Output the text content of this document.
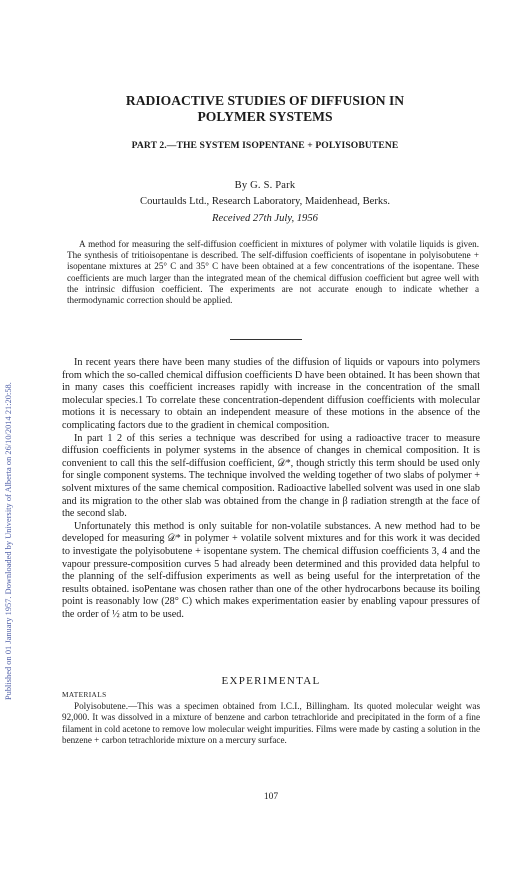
Published on 01 January 1957. Downloaded by University of Alberta on 26/10/2014 21:20:58.
RADIOACTIVE STUDIES OF DIFFUSION IN
POLYMER SYSTEMS
PART 2.—THE SYSTEM ISOPENTANE + POLYISOBUTENE
By G. S. Park
Courtaulds Ltd., Research Laboratory, Maidenhead, Berks.
Received 27th July, 1956

A method for measuring the self-diffusion coefficient in mixtures of polymer with volatile liquids is given. The synthesis of tritioisopentane is described. The self-diffusion coefficients of isopentane in polyisobutene + isopentane mixtures at 25° C and 35° C have been obtained at a few concentrations of the isopentane. These coefficients are much larger than the integrated mean of the chemical diffusion coefficient but agree well with the intrinsic diffusion coefficient. The experiments are not accurate enough to indicate whether a thermodynamic correction should be applied.

In recent years there have been many studies of the diffusion of liquids or vapours into polymers from which the so-called chemical diffusion coefficients D have been obtained. It has been shown that in many cases this coefficient increases rapidly with increase in the concentration of the small molecular species.1 To correlate these concentration-dependent diffusion coefficients with molecular motions it is necessary to obtain an independent measure of these motions in the absence of the complicating factors due to the gradient in chemical composition.

In part 1 2 of this series a technique was described for using a radioactive tracer to measure diffusion coefficients in polymer systems in the absence of changes in chemical composition. It is convenient to call this the self-diffusion coefficient, 𝒟*, though strictly this term should be used only for single component systems. The technique involved the welding together of two slabs of polymer + solvent mixtures of the same chemical composition. Radioactive labelled solvent was used in one slab and its migration to the other slab was obtained from the change in β radiation strength at the face of the second slab.

Unfortunately this method is only suitable for non-volatile substances. A new method had to be developed for measuring 𝒟* in polymer + volatile solvent mixtures and for this work it was decided to investigate the polyisobutene + isopentane system. The chemical diffusion coefficients 3, 4 and the vapour pressure-composition curves 5 had already been determined and this provided data helpful to the planning of the self-diffusion experiments as well as being useful for the interpretation of the results obtained. isoPentane was chosen rather than one of the other hydrocarbons because its boiling point is reasonably low (28° C) which makes experimentation easier by enabling vapour pressures of the order of ½ atm to be used.

EXPERIMENTAL
MATERIALS

Polyisobutene.—This was a specimen obtained from I.C.I., Billingham. Its quoted molecular weight was 92,000. It was dissolved in a mixture of benzene and carbon tetrachloride and precipitated in the form of a fine filament in cold acetone to remove low molecular weight impurities. Films were made by casting a solution in the benzene + carbon tetrachloride mixture on a mercury surface.

107
